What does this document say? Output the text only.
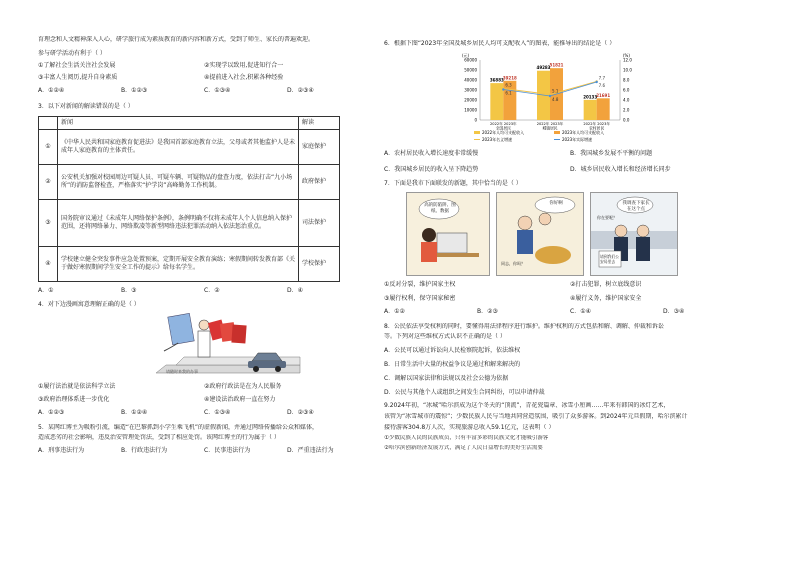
育理念和人文精神深入人心，研学旅行成为素质教育的新内容和新方式，受到了师生、家长的普遍欢迎。

参与研学活动有利于（ ）

①了解社会生活关注社会发展	②实现学以致用,促进知行合一
③丰富人生阅历,提升自身素质	④提前进入社会,积累各种经验
A．①②④	B．①②③	C．①③④	D．②③④

3．以下对新闻的解读错误的是（ ）

	新闻	解读
①	《中华人民共和国家庭教育促进法》是我国首部家庭教育立法，父母或者其他监护人是未成年人家庭教育的主体责任。	家庭保护
②	公安机关加强对校园周边可疑人员、可疑车辆、可疑物品的盘查力度，依法打击“九小场所”的消防监督检查，严格落实“护学岗”高峰勤务工作机制。	政府保护
③	国务院审议通过《未成年人网络保护条例》，条例明确不仅将未成年人个人信息纳入保护范围，还将网络暴力、网络欺凌等新型网络违法犯罪活动纳入依法惩治重点。	司法保护
④	学校建立健全突发事件应急处置预案，定期开展安全教育演练；寒假期间转发教育部《关于做好寒假期间学生安全工作的提示》给每名学生。	学校保护
A．①	B．③	C．②	D．④

4．对下边漫画寓意理解正确的是（ ）

请随时来我的办事
①履行法治就是依法科学立法	②政府行政法是在为人民服务
③政府治理体系进一步优化	④建设法治政府一直在努力
A．①②③	B．①②④	C．①③④	D．②③④

5．某网红博主为吸粉引流，编造“在巴黎抓到小学生乘飞机”的虚假新闻，并通过网络传播给公众和媒体，

造成恶劣的社会影响，违反治安管理处罚法，受到了相应处罚。该网红博主的行为属于（ ）

A．刑事违法行为	B．行政违法行为	C．民事违法行为	D．严重违法行为

6．根据下图“2023年全国及城乡居民人均可支配收入”的图表，能推导出的结论是（ ）

(元)	(%)
60000
50000
40000
30000
20000
10000
0
12.0
10.0
8.0
6.0
4.0
2.0
0.0
36883 39218
2022年 2023年
全国居民
49283
51821
2022年 2023年
城镇居民
20133 21691
2022年 2023年
农村居民
6.3
5.1
7.7
6.1
4.8
7.6
2022年人均可支配收入	2023年人均可支配收入
2023年名义增速	2023年实际增速
A．农村居民收入增长速度非常缓慢	B．我国城乡发展不平衡的问题
C．我国城乡居民的收入呈下降趋势	D．城乡居民收入增长和经济增长同步

7．下面是我市下面联发的新题，其中恰当的是（ ）

高的防陷阱、图纸、数据
你好啊
同志，你吗？
我调查下家长在这个点
你在要呢？
请到我们公安局里去
①反对分裂，维护国家主权	②打击犯罪，树立底线意识
③履行权利，保守国家秘密	④履行义务，维护国家安全
A．①②	B．②③	C．①④	D．③④

8．公民依法享受权利的同时，要懂得用法律程序进行维护。维护权利的方式包括和解、调解、仲裁和诉讼

等。下列对这些维权方式认识不正确的是（ ）

A．公民可以通过诉讼向人民检察院起诉，依法维权

B．日常生活中大量的权益争议是通过和解来解决的

C．调解以国家法律和法规以及社会公德为依据

D．公民与其他个人或组织之间发生合同纠纷，可以申请仲裁

9.2024年初，“冰城”哈尔滨成为这个冬天的“顶流”，青花瓷篇章、冰雪小厘画……年来有韩国的冰灯艺术，

该管为“冰雪城市的震惊”；少数民族人民与当地共同营造氛围，吸引了众多游客。到2024年元旦假期，哈尔滨累计

接待游客304.8万人次，实现旅游总收入59.1亿元，这表明（ ）

①少数民族人民的民族成员，只有丰富多彩的民族文化才能吸引游客

②哈尔滨创新经济发展方式，满足了人民日益增长的美好生活需要
